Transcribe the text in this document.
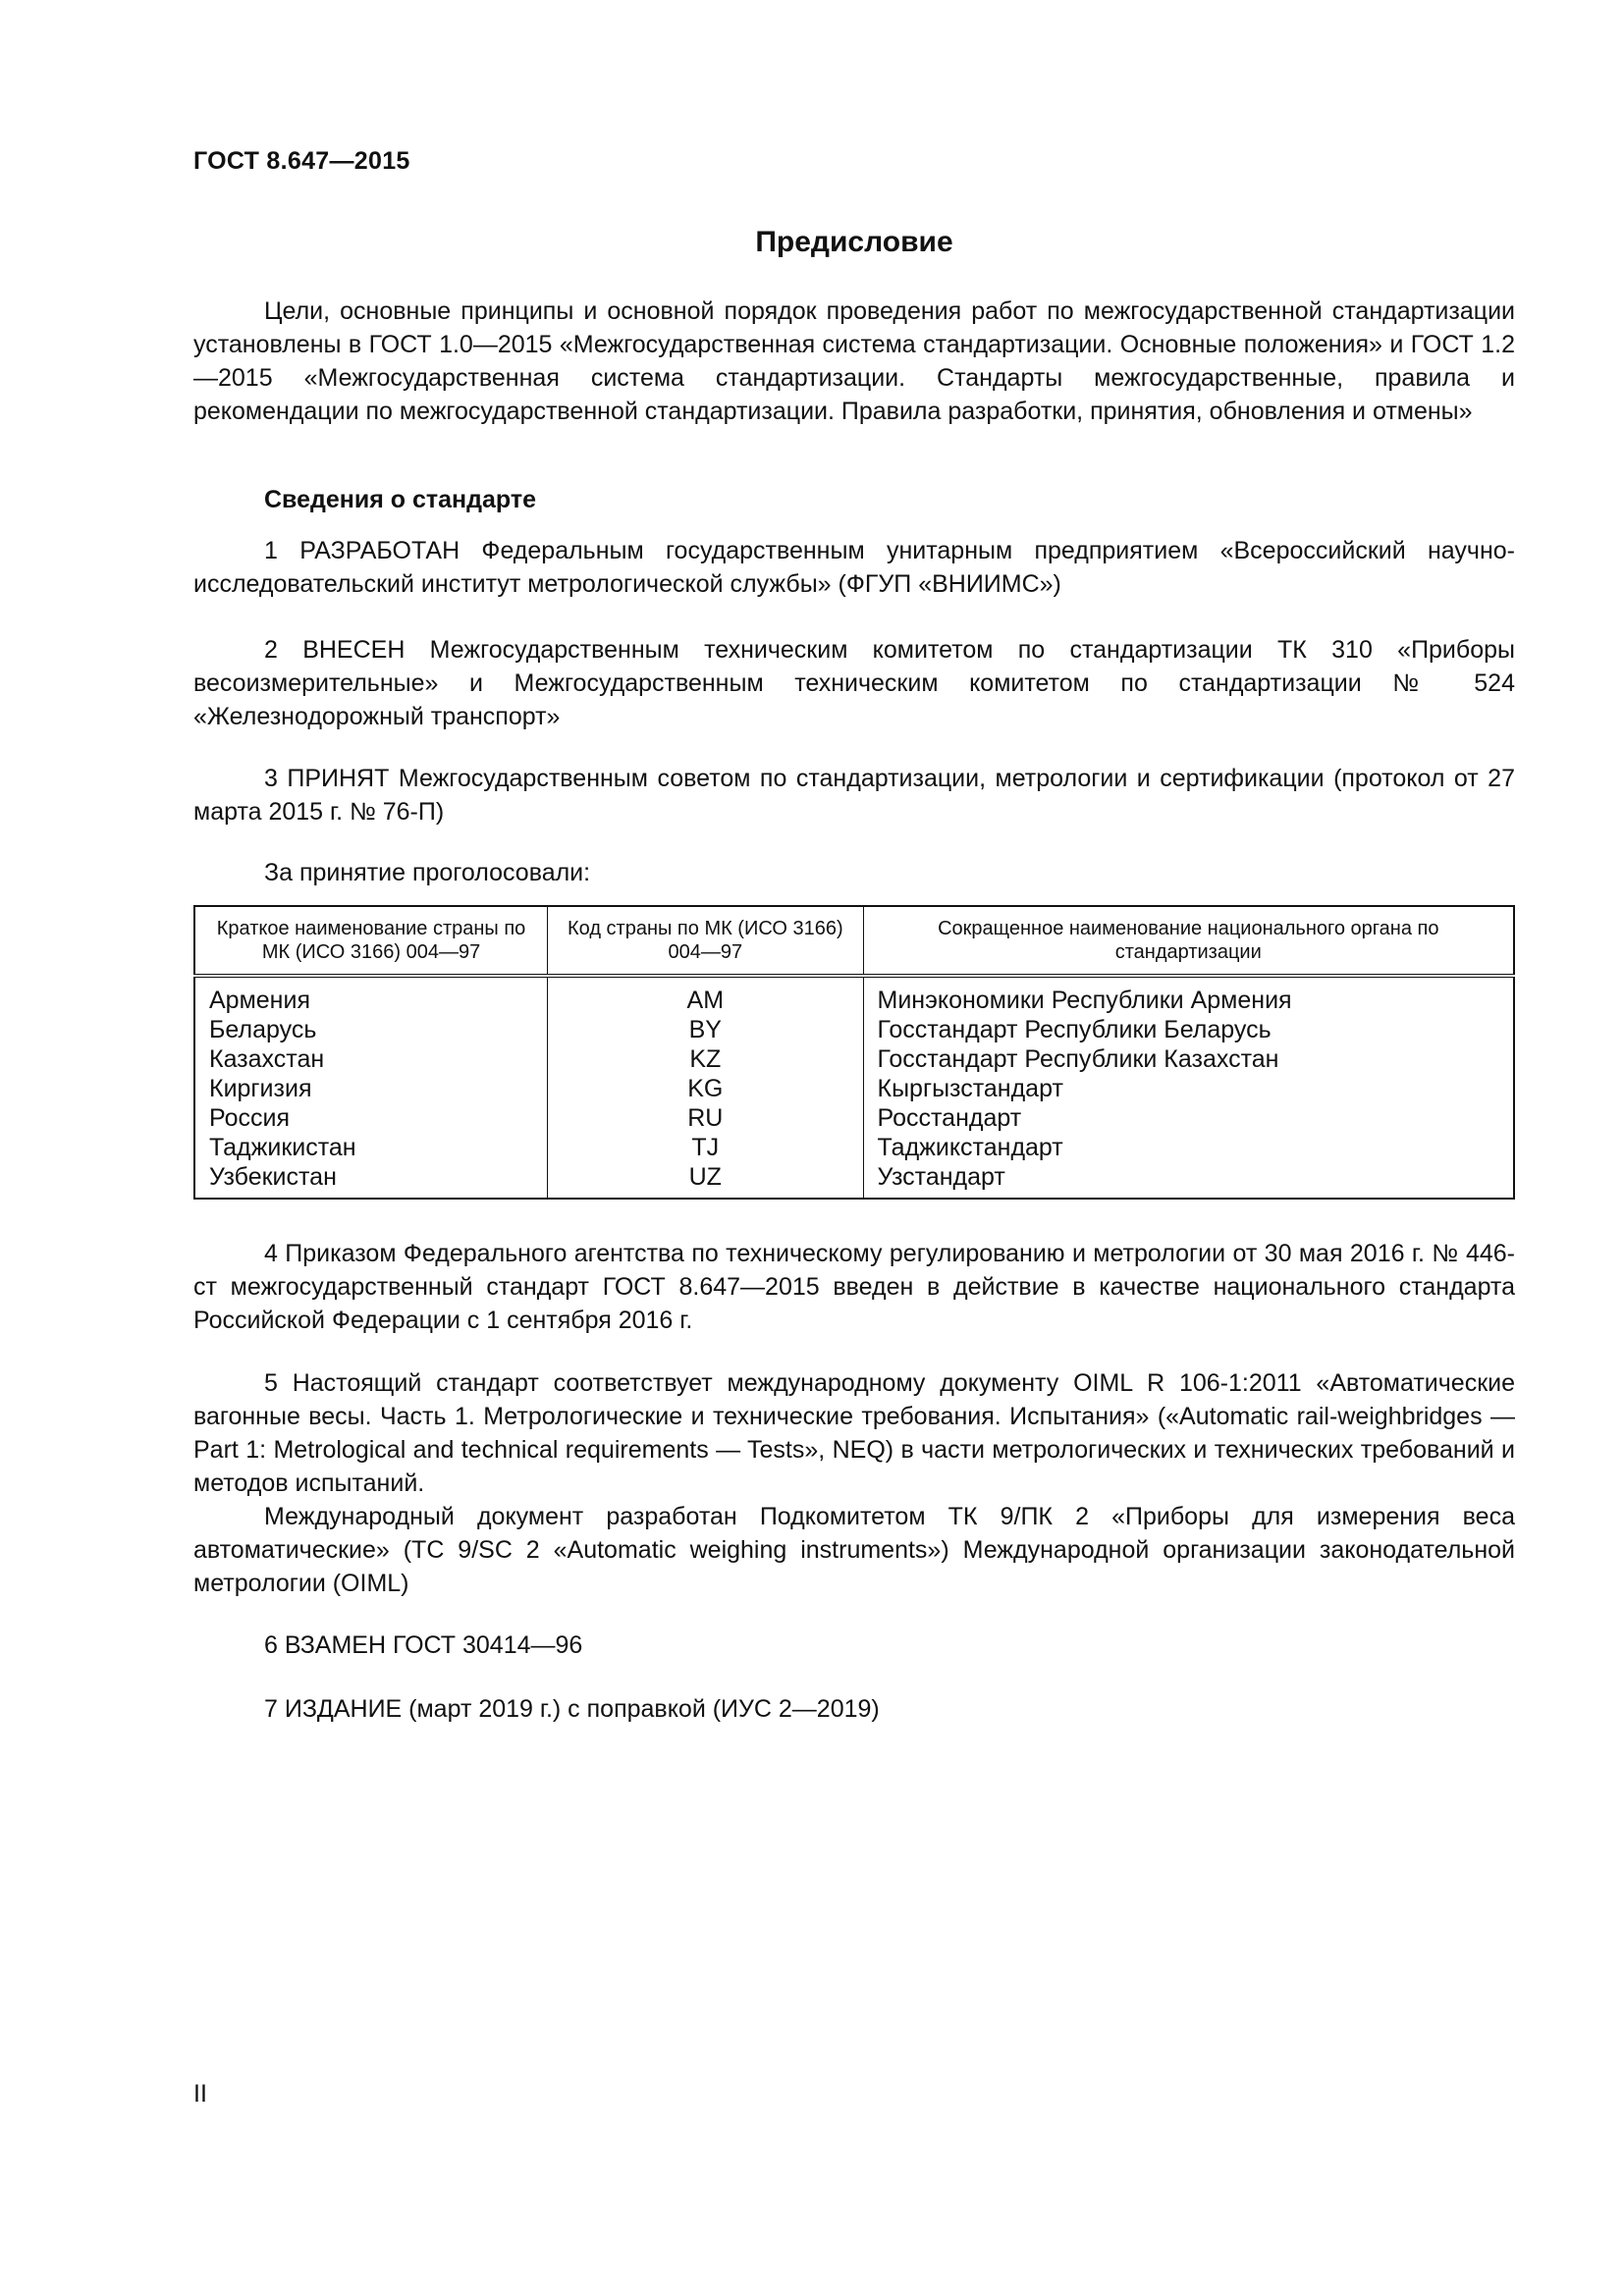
ГОСТ 8.647—2015
Предисловие

Цели, основные принципы и основной порядок проведения работ по межгосударственной стандартизации установлены в ГОСТ 1.0—2015 «Межгосударственная система стандартизации. Основные положения» и ГОСТ 1.2—2015 «Межгосударственная система стандартизации. Стандарты межгосударственные, правила и рекомендации по межгосударственной стандартизации. Правила разработки, принятия, обновления и отмены»

Сведения о стандарте

1 РАЗРАБОТАН Федеральным государственным унитарным предприятием «Всероссийский научно-исследовательский институт метрологической службы» (ФГУП «ВНИИМС»)

2 ВНЕСЕН Межгосударственным техническим комитетом по стандартизации ТК 310 «Приборы весоизмерительные» и Межгосударственным техническим комитетом по стандартизации № 524 «Железнодорожный транспорт»

3 ПРИНЯТ Межгосударственным советом по стандартизации, метрологии и сертификации (протокол от 27 марта 2015 г. № 76-П)

За принятие проголосовали:

Краткое наименование страны по МК (ИСО 3166) 004—97	Код страны по МК (ИСО 3166) 004—97	Сокращенное наименование национального органа по стандартизации
Армения	AM	Минэкономики Республики Армения
Беларусь	BY	Госстандарт Республики Беларусь
Казахстан	KZ	Госстандарт Республики Казахстан
Киргизия	KG	Кыргызстандарт
Россия	RU	Росстандарт
Таджикистан	TJ	Таджикстандарт
Узбекистан	UZ	Узстандарт

4 Приказом Федерального агентства по техническому регулированию и метрологии от 30 мая 2016 г. № 446-ст межгосударственный стандарт ГОСТ 8.647—2015 введен в действие в качестве национального стандарта Российской Федерации с 1 сентября 2016 г.

5 Настоящий стандарт соответствует международному документу OIML R 106-1:2011 «Автоматические вагонные весы. Часть 1. Метрологические и технические требования. Испытания» («Automatic rail-weighbridges — Part 1: Metrological and technical requirements — Tests», NEQ) в части метрологических и технических требований и методов испытаний.

Международный документ разработан Подкомитетом ТК 9/ПК 2 «Приборы для измерения веса автоматические» (TC 9/SC 2 «Automatic weighing instruments») Международной организации законодательной метрологии (OIML)

6 ВЗАМЕН ГОСТ 30414—96

7 ИЗДАНИЕ (март 2019 г.) с поправкой (ИУС 2—2019)

II
